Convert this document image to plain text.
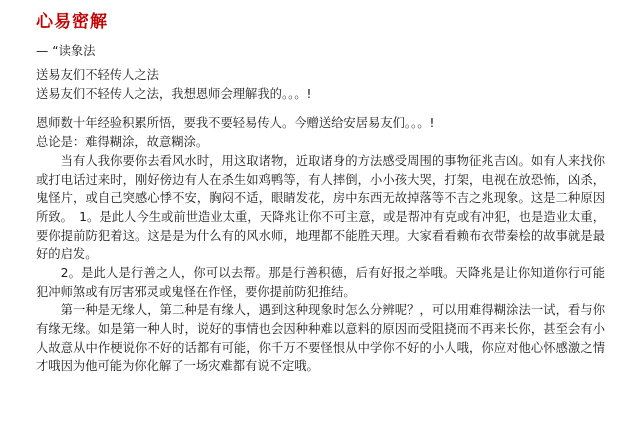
心易密解

— “读象法

送易友们不轻传人之法

送易友们不轻传人之法，我想恩师会理解我的。。。!

恩师数十年经验积累所悟，要我不要轻易传人。今赠送给安居易友们。。。!

总论是：难得糊涂，故意糊涂。

当有人我你要你去看风水时，用这取诸物，近取诸身的方法感受周围的事物征兆吉凶。如有人来找你或打电话过来时，刚好傍边有人在杀生如鸡鸭等，有人摔倒，小小孩大哭，打架，电视在放恐怖，凶杀，鬼怪片，或自己突感心悸不安，胸闷不适，眼睛发花，房中东西无故掉落等不吉之兆现象。这是二种原因所致。　1。是此人今生或前世造业太重，天降兆让你不可主意，或是帮冲有克或有冲犯，也是造业太重，要你提前防犯着这。这是是为什么有的风水师，地理都不能胜天理。大家看看赖布衣带秦桧的故事就是最好的启发。

2。是此人是行善之人，你可以去帮。那是行善积德，后有好报之举哦。天降兆是让你知道你行可能犯冲师煞或有厉害邪灵或鬼怪在作怪，要你提前防犯推结。

第一种是无缘人，第二种是有缘人，遇到这种现象时怎么分辨呢？，可以用难得糊涂法一试，看与你有缘无缘。如是第一种人时，说好的事情也会因种种难以意料的原因而受阻挠而不再来长你，甚至会有小人故意从中作梗说你不好的话都有可能，你千万不要怪恨从中学你不好的小人哦，你应对他心怀感激之情才哦因为他可能为你化解了一场灾难都有说不定哦。
